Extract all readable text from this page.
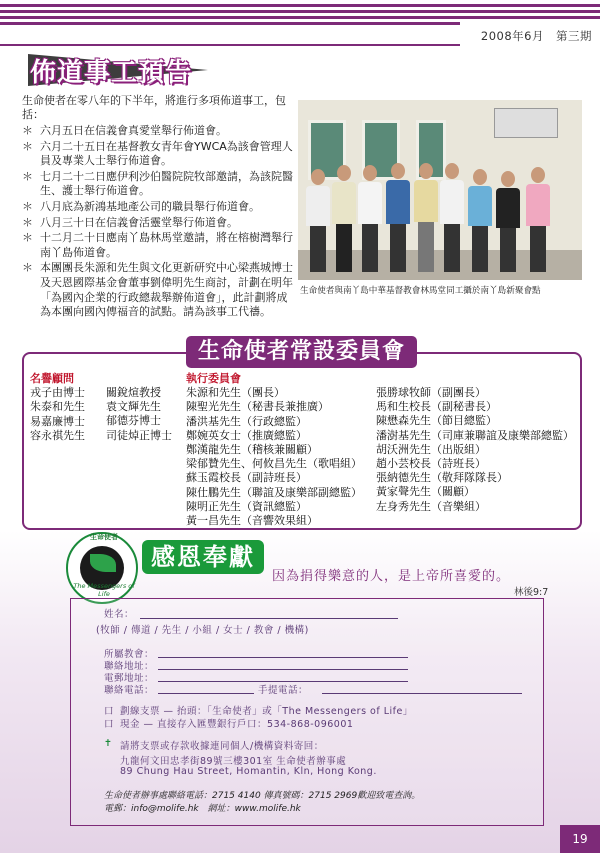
2008年6月　第三期
佈道事工預告
生命使者在零八年的下半年，將進行多項佈道事工，包括：
＊ 六月五日在信義會真愛堂舉行佈道會。
＊ 六月二十五日在基督教女青年會YWCA為該會管理人員及專業人士舉行佈道會。
＊ 七月二十二日應伊利沙伯醫院院牧部邀請，為該院醫生、護士舉行佈道會。
＊ 八月底為新鴻基地產公司的職員舉行佈道會。
＊ 八月三十日在信義會活靈堂舉行佈道會。
＊ 十二月二十日應南丫島林馬堂邀請，將在榕樹灣舉行南丫島佈道會。
＊ 本團團長朱源和先生與文化更新研究中心梁燕城博士及天恩國際基金會董事劉偉明先生商討，計劃在明年「為國內企業的行政總裁舉辦佈道會」，此計劃將成為本團向國內傳福音的試點。請為該事工代禱。
生命使者與南丫島中華基督教會林馬堂同工攝於南丫島新聚會點
生命使者常設委員會
名譽顧問
戎子由博士
朱泰和先生
易嘉廉博士
容永祺先生
關銳煊教授
袁文輝先生
郁德芬博士
司徒焯正博士
執行委員會
朱源和先生（團長）
陳聖光先生（秘書長兼推廣）
潘洪基先生（行政總監）
鄭婉英女士（推廣總監）
鄭漢龍先生（稽核兼關顧）
梁郁贊先生、何攸昌先生（歌唱組）
蘇玉霞校長（副詩班長）
陳仕鵬先生（聯誼及康樂部副總監）
陳明正先生（資訊總監）
黃一昌先生（音響效果組）
張勝球牧師（副團長）
馬和生校長（副秘書長）
陳懋森先生（節目總監）
潘澍基先生（司庫兼聯誼及康樂部總監）
胡沃洲先生（出版組）
趙小芸校長（詩班長）
張納德先生（敬拜隊隊長）
黃家聲先生（關顧）
左身秀先生（音樂組）
生命使者
The Messengers of Life
感恩奉獻
因為捐得樂意的人，是上帝所喜愛的。
林後9:7
姓名：
(牧師 / 傳道 / 先生 / 小組 / 女士 / 教會 / 機構)
所屬教會：
聯絡地址：
電郵地址：
聯絡電話：	手提電話：
口 劃線支票 — 抬頭：「生命使者」或「The Messengers of Life」
口 現金 — 直接存入匯豐銀行戶口：534-868-096001
✝ 請將支票或存款收據連同個人/機構資料寄回：
九龍何文田忠孝街89號三樓301室 生命使者辦事處
89 Chung Hau Street, Homantin, Kln, Hong Kong.
生命使者辦事處聯絡電話：2715 4140 傳真號碼：2715 2969歡迎致電查詢。
電郵：info@molife.hk　網址：www.molife.hk
19
